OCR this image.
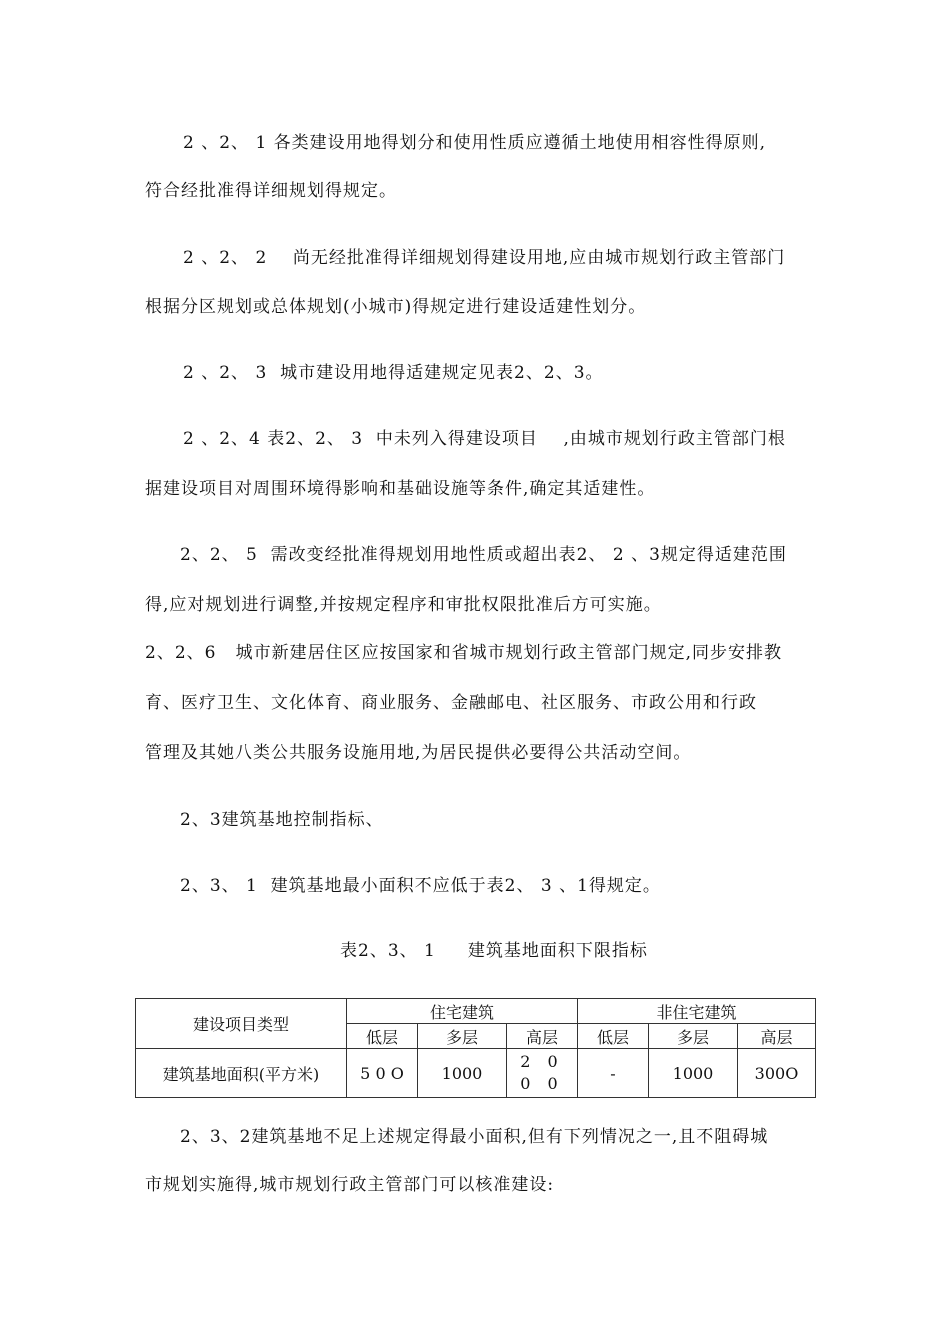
2 、2、 1 各类建设用地得划分和使用性质应遵循土地使用相容性得原则,
符合经批准得详细规划得规定。
2 、2、 2    尚无经批准得详细规划得建设用地,应由城市规划行政主管部门
根据分区规划或总体规划(小城市)得规定进行建设适建性划分。
2 、2、 3  城市建设用地得适建规定见表2、2、3。
2 、2、4 表2、2、 3  中未列入得建设项目    ,由城市规划行政主管部门根
据建设项目对周围环境得影响和基础设施等条件,确定其适建性。
2、2、 5  需改变经批准得规划用地性质或超出表2、 2 、3规定得适建范围
得,应对规划进行调整,并按规定程序和审批权限批准后方可实施。
2、2、6   城市新建居住区应按国家和省城市规划行政主管部门规定,同步安排教
育、医疗卫生、文化体育、商业服务、金融邮电、社区服务、市政公用和行政
管理及其她八类公共服务设施用地,为居民提供必要得公共活动空间。
2、3建筑基地控制指标、
2、3、 1  建筑基地最小面积不应低于表2、 3 、1得规定。
表2、3、 1     建筑基地面积下限指标
建设项目类型	住宅建筑			非住宅建筑		
	低层	多层	高层	低层	多层	高层
建筑基地面积(平方米)	5 0 O	1000	2 0
0 0	-	1000	300O
2、3、2建筑基地不足上述规定得最小面积,但有下列情况之一,且不阻碍城
市规划实施得,城市规划行政主管部门可以核准建设:
